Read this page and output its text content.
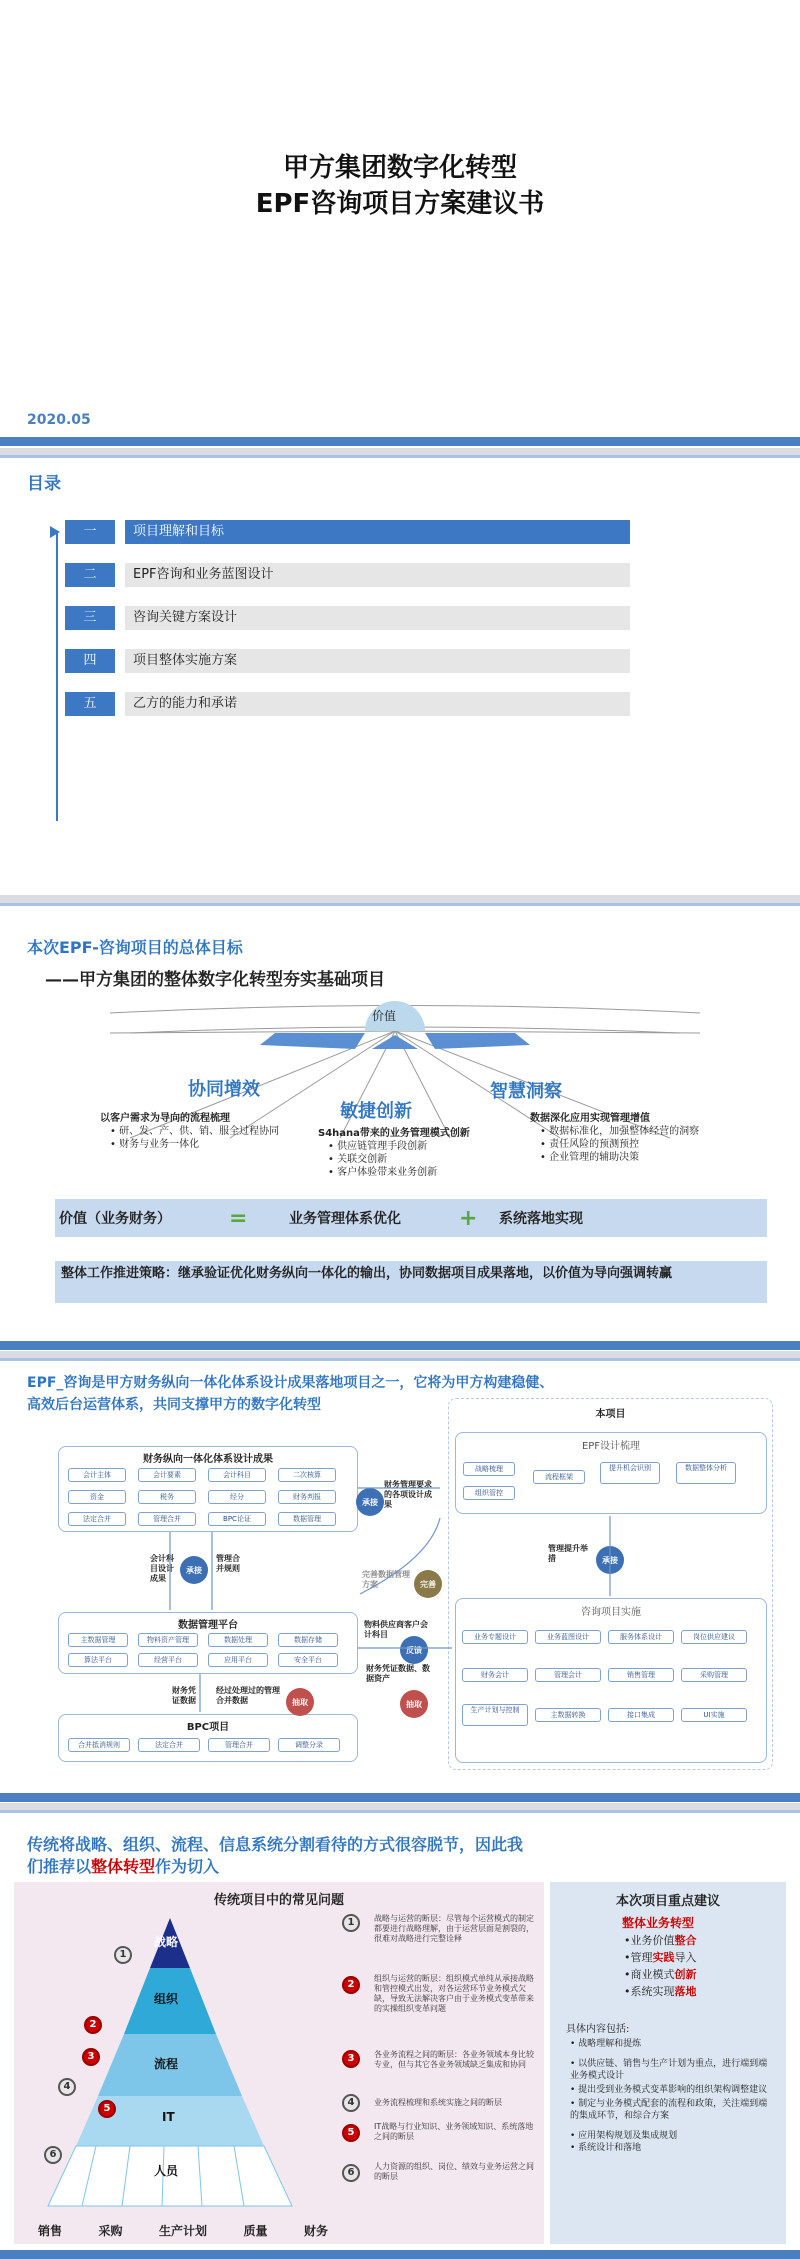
甲方集团数字化转型
EPF咨询项目方案建议书
2020.05
目录
一	项目理解和目标
二	EPF咨询和业务蓝图设计
三	咨询关键方案设计
四	项目整体实施方案
五	乙方的能力和承诺
本次EPF-咨询项目的总体目标
——甲方集团的整体数字化转型夯实基础项目
价值
协同增效
以客户需求为导向的流程梳理
• 研、发、产、供、销、服全过程协同
• 财务与业务一体化
敏捷创新
S4hana带来的业务管理模式创新
• 供应链管理手段创新
• 关联交创新
• 客户体验带来业务创新
智慧洞察
数据深化应用实现管理增值
• 数据标准化，加强整体经营的洞察
• 责任风险的预测预控
• 企业管理的辅助决策
价值（业务财务）	=	业务管理体系优化	+	系统落地实现
整体工作推进策略：继承验证优化财务纵向一体化的输出，协同数据项目成果落地，以价值为导向强调转赢
EPF_咨询是甲方财务纵向一体化体系设计成果落地项目之一，它将为甲方构建稳健、
高效后台运营体系，共同支撑甲方的数字化转型
财务纵向一体化体系设计成果
会计主体	会计要素	会计科目	二次核算
资金	税务	经分	财务判报
法定合并	管理合并	BPC论证	数据管理
数据管理平台
主数据管理	物料资产管理	数据处理	数据存储
算法平台	经营平台	应用平台	安全平台
BPC项目
合并抵消规则	法定合并	管理合并	调整分录
本项目
EPF设计梳理
战略梳理
流程框架
提升机会识别	数据整体分析
组织管控
咨询项目实施
业务专题设计	业务蓝图设计	服务体系设计	岗位供应建议
财务会计	管理会计	销售管理	采购管理
生产计划与控制
主数据转换	接口集成	UI实施
财务管理要求的各项设计成果
承接
会计科目设计成果
承接
管理合并规则
完善数据管理方案	完善
物料供应商客户会计科目
反馈
财务凭证数据、数据资产
抽取
管理提升举措	承接
财务凭证数据
经过处理过的管理合并数据	抽取
传统将战略、组织、流程、信息系统分割看待的方式很容脱节，因此我
们推荐以整体转型作为切入
传统项目中的常见问题
战略
组织
流程
IT
人员
1
2
3
4
5
6
销售	采购	生产计划	质量	财务
1	战略与运营的断层：尽管每个运营模式的制定都要进行战略理解，由于运营层面是割裂的，很难对战略进行完整诠释
2
组织与运营的断层：组织模式单纯从承接战略和管控模式出发，对各运营环节业务模式欠缺，导致无法解决客户由于业务模式变革带来的实操组织变革问题
3	各业务流程之间的断层：各业务领域本身比较专业，但与其它各业务领域缺乏集成和协同
4	业务流程梳理和系统实施之间的断层
5
IT战略与行业知识、业务领域知识、系统落地之间的断层
6
人力资源的组织、岗位、绩效与业务运营之间的断层
本次项目重点建议
整体业务转型
•业务价值整合
•管理实践导入
•商业模式创新
•系统实现落地
具体内容包括:
• 战略理解和提炼
• 以供应链、销售与生产计划为重点，进行端到端业务模式设计
• 提出受到业务模式变革影响的组织架构调整建议
• 制定与业务模式配套的流程和政策，关注端到端的集成环节，和综合方案
• 应用架构规划及集成规划
• 系统设计和落地
